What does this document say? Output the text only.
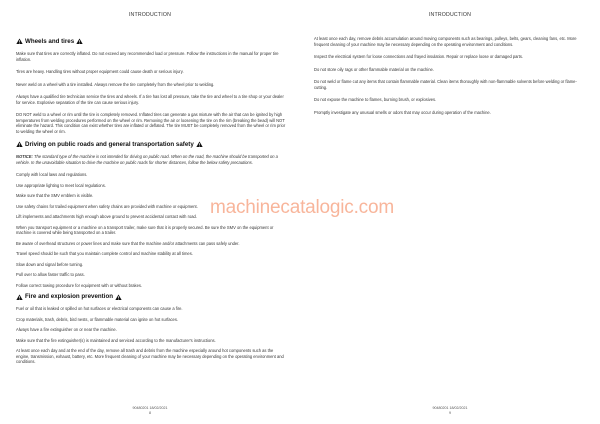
INTRODUCTION
Wheels and tires

Make sure that tires are correctly inflated. Do not exceed any recommended load or pressure. Follow the instructions in the manual for proper tire inflation.

Tires are heavy. Handling tires without proper equipment could cause death or serious injury.

Never weld on a wheel with a tire installed. Always remove the tire completely from the wheel prior to welding.

Always have a qualified tire technician service the tires and wheels. If a tire has lost all pressure, take the tire and wheel to a tire shop or your dealer for service. Explosive separation of the tire can cause serious injury.

DO NOT weld to a wheel or rim until the tire is completely removed. Inflated tires can generate a gas mixture with the air that can be ignited by high temperatures from welding procedures performed on the wheel or rim. Removing the air or loosening the tire on the rim (breaking the bead) will NOT eliminate the hazard. This condition can exist whether tires are inflated or deflated. The tire MUST be completely removed from the wheel or rim prior to welding the wheel or rim.

Driving on public roads and general transportation safety

NOTICE: The standard type of the machine is not intended for driving on public road. When on the road, the machine should be transported on a vehicle. In the unavoidable situation to drive the machine on public roads for shorter distances, follow the below safety precautions.

Comply with local laws and regulations.

Use appropriate lighting to meet local regulations.

Make sure that the SMV emblem is visible.

Use safety chains for trailed equipment when safety chains are provided with machine or equipment.

Lift implements and attachments high enough above ground to prevent accidental contact with road.

When you transport equipment or a machine on a transport trailer, make sure that it is properly secured. Be sure the SMV on the equipment or machine is covered while being transported on a trailer.

Be aware of overhead structures or power lines and make sure that the machine and/or attachments can pass safely under.

Travel speed should be such that you maintain complete control and machine stability at all times.

Slow down and signal before turning.

Pull over to allow faster traffic to pass.

Follow correct towing procedure for equipment with or without brakes.

Fire and explosion prevention

Fuel or oil that is leaked or spilled on hot surfaces or electrical components can cause a fire.

Crop materials, trash, debris, bird nests, or flammable material can ignite on hot surfaces.

Always have a fire extinguisher on or near the machine.

Make sure that the fire extinguisher(s) is maintained and serviced according to the manufacturer's instructions.

At least once each day and at the end of the day, remove all trash and debris from the machine especially around hot components such as the engine, transmission, exhaust, battery, etc. More frequent cleaning of your machine may be necessary depending on the operating environment and conditions.

90480201 18/02/2021
8
INTRODUCTION

At least once each day, remove debris accumulation around moving components such as bearings, pulleys, belts, gears, cleaning fans, etc. More frequent cleaning of your machine may be necessary depending on the operating environment and conditions.

Inspect the electrical system for loose connections and frayed insulation. Repair or replace loose or damaged parts.

Do not store oily rags or other flammable material on the machine.

Do not weld or flame cut any items that contain flammable material. Clean items thoroughly with non-flammable solvents before welding or flame-cutting.

Do not expose the machine to flames, burning brush, or explosives.

Promptly investigate any unusual smells or odors that may occur during operation of the machine.

90480201 18/02/2021
9
machinecatalogic.com
